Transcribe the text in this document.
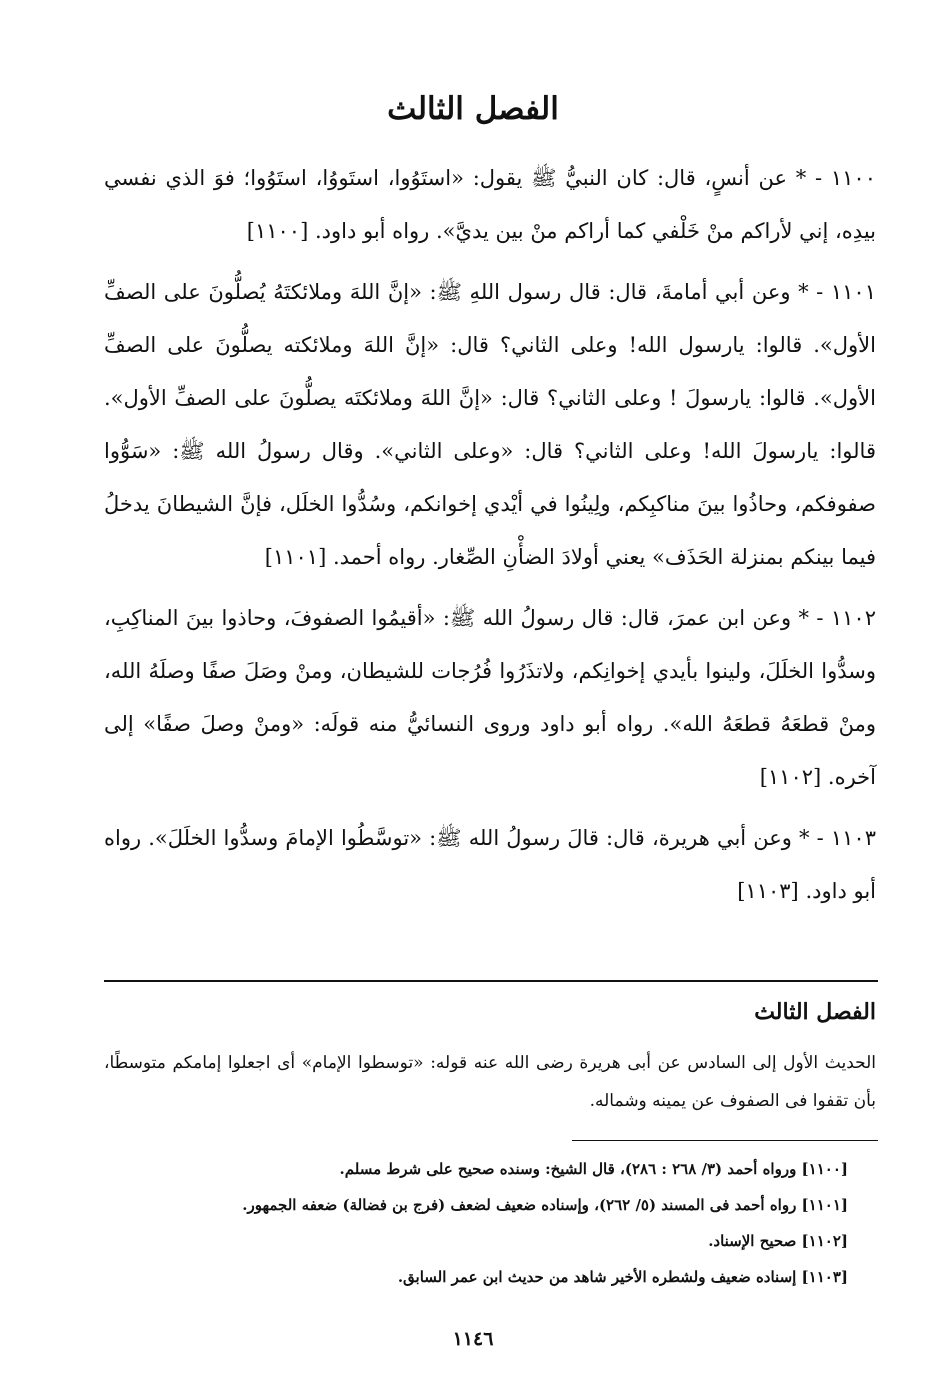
الفصل الثالث

١١٠٠ - * عن أنسٍ، قال: كان النبيُّ ﷺ يقول: «استَوُوا، استَووُا، استَوُوا؛ فوَ الذي نفسي بيدِه، إني لأراكم منْ خَلْفي كما أراكم منْ بين يديَّ». رواه أبو داود. [١١٠٠]

١١٠١ - * وعن أبي أمامةَ، قال: قال رسول اللهِ ﷺ: «إنَّ اللهَ وملائكتَهُ يُصلُّونَ على الصفِّ الأول». قالوا: يارسول الله! وعلى الثاني؟ قال: «إنَّ اللهَ وملائكته يصلُّونَ على الصفِّ الأول». قالوا: يارسولَ ! وعلى الثاني؟ قال: «إنَّ اللهَ وملائكتَه يصلُّونَ على الصفِّ الأول». قالوا: يارسولَ الله! وعلى الثاني؟ قال: «وعلى الثاني». وقال رسولُ الله ﷺ: «سَوُّوا صفوفكم، وحاذُوا بينَ مناكبِكم، ولِينُوا في أيْدي إخوانكم، وسُدُّوا الخلَل، فإنَّ الشيطانَ يدخلُ فيما بينكم بمنزلة الحَذَف» يعني أولادَ الضأْنِ الصِّغار. رواه أحمد. [١١٠١]

١١٠٢ - * وعن ابن عمرَ، قال: قال رسولُ الله ﷺ: «أقيمُوا الصفوفَ، وحاذوا بينَ المناكِبِ، وسدُّوا الخلَلَ، ولينوا بأيدي إخوانِكم، ولاتذَرُوا فُرُجات للشيطان، ومنْ وصَلَ صفًا وصلَهُ الله، ومنْ قطعَهُ قطعَهُ الله». رواه أبو داود وروى النسائيُّ منه قولَه: «ومنْ وصلَ صفًا» إلى آخره. [١١٠٢]

١١٠٣ - * وعن أبي هريرة، قال: قالَ رسولُ الله ﷺ: «توسَّطُوا الإمامَ وسدُّوا الخلَلَ». رواه أبو داود. [١١٠٣]

الفصل الثالث

الحديث الأول إلى السادس عن أبى هريرة رضى الله عنه قوله: «توسطوا الإمام» أى اجعلوا إمامكم متوسطًا، بأن تقفوا فى الصفوف عن يمينه وشماله.

[١١٠٠] ورواه أحمد (٣/ ٢٦٨ : ٢٨٦)، قال الشيخ: وسنده صحيح على شرط مسلم.
[١١٠١] رواه أحمد فى المسند (٥/ ٢٦٢)، وإسناده ضعيف لضعف (فرج بن فضالة) ضعفه الجمهور.
[١١٠٢] صحيح الإسناد.
[١١٠٣] إسناده ضعيف ولشطره الأخير شاهد من حديث ابن عمر السابق.
١١٤٦
